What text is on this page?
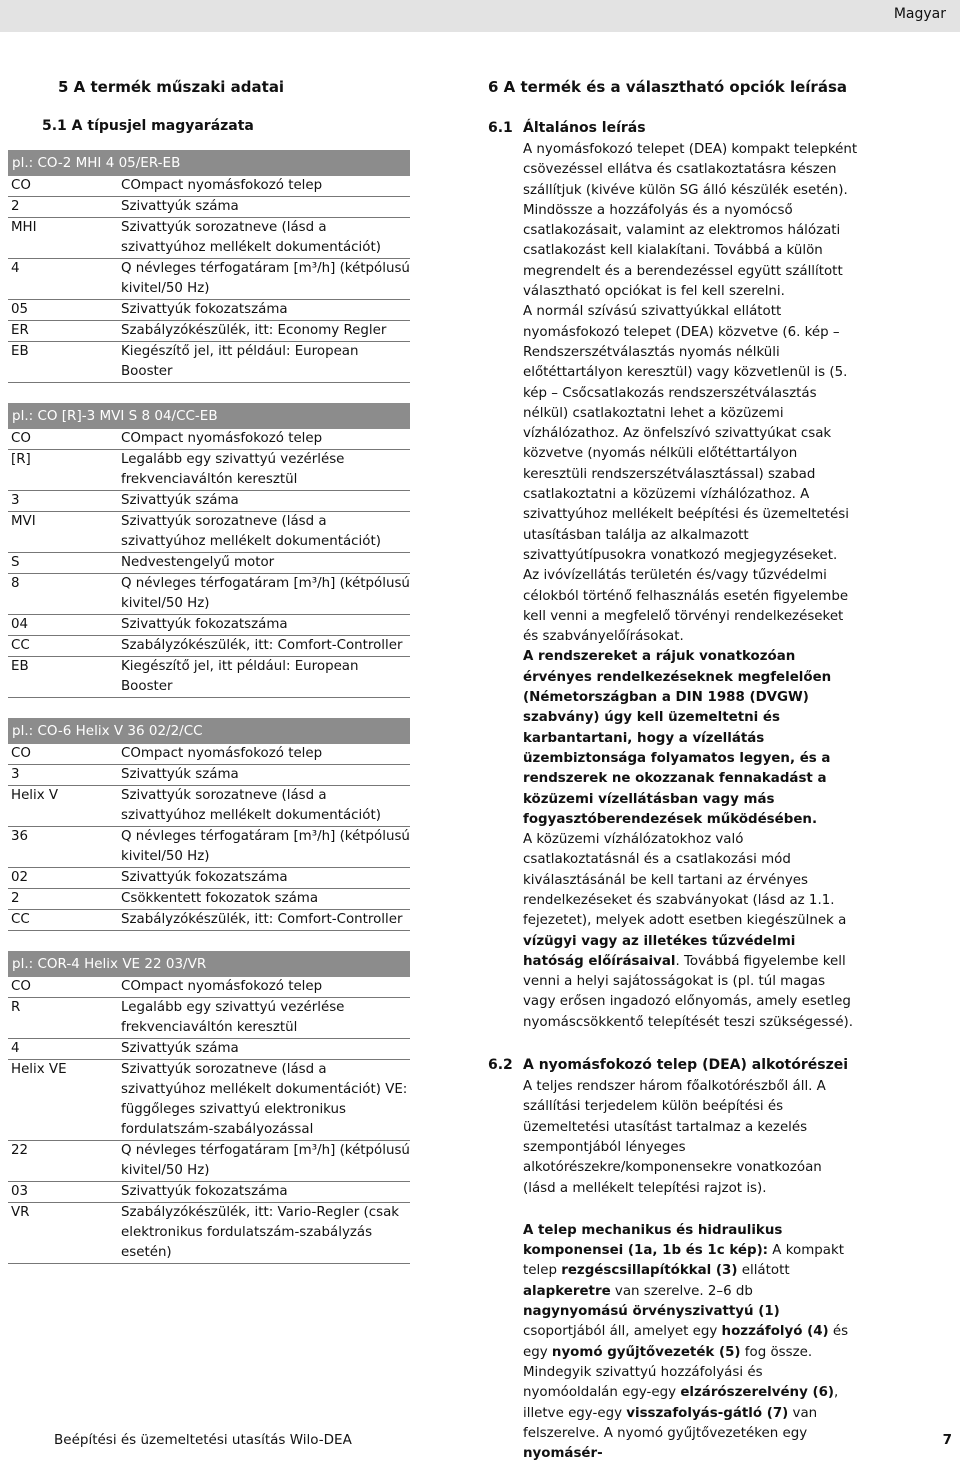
Magyar
5 A termék műszaki adatai
5.1 A típusjel magyarázata
pl.: CO-2 MHI 4 05/ER-EB
CO	COmpact nyomásfokozó telep
2	Szivattyúk száma
MHI	Szivattyúk sorozatneve (lásd a szivattyúhoz mellékelt dokumentációt)
4	Q névleges térfogatáram [m³/h] (kétpólusú kivitel/50 Hz)
05	Szivattyúk fokozatszáma
ER	Szabályzókészülék, itt: Economy Regler
EB	Kiegészítő jel, itt például: European Booster
pl.: CO [R]-3 MVI S 8 04/CC-EB
CO	COmpact nyomásfokozó telep
[R]	Legalább egy szivattyú vezérlése frekvenciaváltón keresztül
3	Szivattyúk száma
MVI	Szivattyúk sorozatneve (lásd a szivattyúhoz mellékelt dokumentációt)
S	Nedvestengelyű motor
8	Q névleges térfogatáram [m³/h] (kétpólusú kivitel/50 Hz)
04	Szivattyúk fokozatszáma
CC	Szabályzókészülék, itt: Comfort-Controller
EB	Kiegészítő jel, itt például: European Booster
pl.: CO-6 Helix V 36 02/2/CC
CO	COmpact nyomásfokozó telep
3	Szivattyúk száma
Helix V	Szivattyúk sorozatneve (lásd a szivattyúhoz mellékelt dokumentációt)
36	Q névleges térfogatáram [m³/h] (kétpólusú kivitel/50 Hz)
02	Szivattyúk fokozatszáma
2	Csökkentett fokozatok száma
CC	Szabályzókészülék, itt: Comfort-Controller
pl.: COR-4 Helix VE 22 03/VR
CO	COmpact nyomásfokozó telep
R	Legalább egy szivattyú vezérlése frekvenciaváltón keresztül
4	Szivattyúk száma
Helix VE	Szivattyúk sorozatneve (lásd a szivattyúhoz mellékelt dokumentációt) VE: függőleges szivattyú elektronikus fordulatszám-szabályozással
22	Q névleges térfogatáram [m³/h] (kétpólusú kivitel/50 Hz)
03	Szivattyúk fokozatszáma
VR	Szabályzókészülék, itt: Vario-Regler (csak elektronikus fordulatszám-szabályzás esetén)
6 A termék és a választható opciók leírása
6.1 Általános leírás
A nyomásfokozó telepet (DEA) kompakt telepként csövezéssel ellátva és csatlakoztatásra készen szállítjuk (kivéve külön SG álló készülék esetén). Mindössze a hozzáfolyás és a nyomócső csatlakozásait, valamint az elektromos hálózati csatlakozást kell kialakítani. Továbbá a külön megrendelt és a berendezéssel együtt szállított választható opciókat is fel kell szerelni.
A normál szívású szivattyúkkal ellátott nyomásfokozó telepet (DEA) közvetve (6. kép – Rendszerszétválasztás nyomás nélküli előtéttartályon keresztül) vagy közvetlenül is (5. kép – Csőcsatlakozás rendszerszétválasztás nélkül) csatlakoztatni lehet a közüzemi vízhálózathoz. Az önfelszívó szivattyúkat csak közvetve (nyomás nélküli előtéttartályon keresztüli rendszerszétválasztással) szabad csatlakoztatni a közüzemi vízhálózathoz. A szivattyúhoz mellékelt beépítési és üzemeltetési utasításban találja az alkalmazott szivattyútípusokra vonatkozó megjegyzéseket.
Az ivóvízellátás területén és/vagy tűzvédelmi célokból történő felhasználás esetén figyelembe kell venni a megfelelő törvényi rendelkezéseket és szabványelőírásokat.
A rendszereket a rájuk vonatkozóan érvényes rendelkezéseknek megfelelően (Németországban a DIN 1988 (DVGW) szabvány) úgy kell üzemeltetni és karbantartani, hogy a vízellátás üzembiztonsága folyamatos legyen, és a rendszerek ne okozzanak fennakadást a közüzemi vízellátásban vagy más fogyasztóberendezések működésében.
A közüzemi vízhálózatokhoz való csatlakoztatásnál és a csatlakozási mód kiválasztásánál be kell tartani az érvényes rendelkezéseket és szabványokat (lásd az 1.1. fejezetet), melyek adott esetben kiegészülnek a vízügyi vagy az illetékes tűzvédelmi hatóság előírásaival. Továbbá figyelembe kell venni a helyi sajátosságokat is (pl. túl magas vagy erősen ingadozó előnyomás, amely esetleg nyomáscsökkentő telepítését teszi szükségessé).
6.2 A nyomásfokozó telep (DEA) alkotórészei
A teljes rendszer három főalkotórészből áll. A szállítási terjedelem külön beépítési és üzemeltetési utasítást tartalmaz a kezelés szempontjából lényeges alkotórészekre/komponensekre vonatkozóan (lásd a mellékelt telepítési rajzot is).
A telep mechanikus és hidraulikus komponensei (1a, 1b és 1c kép): A kompakt telep rezgéscsillapítókkal (3) ellátott alapkeretre van szerelve. 2–6 db nagynyomású örvényszivattyú (1) csoportjából áll, amelyet egy hozzáfolyó (4) és egy nyomó gyűjtővezeték (5) fog össze. Mindegyik szivattyú hozzáfolyási és nyomóoldalán egy-egy elzárószerelvény (6), illetve egy-egy visszafolyás-gátló (7) van felszerelve. A nyomó gyűjtővezetéken egy nyomásér-
Beépítési és üzemeltetési utasítás Wilo-DEA	7
